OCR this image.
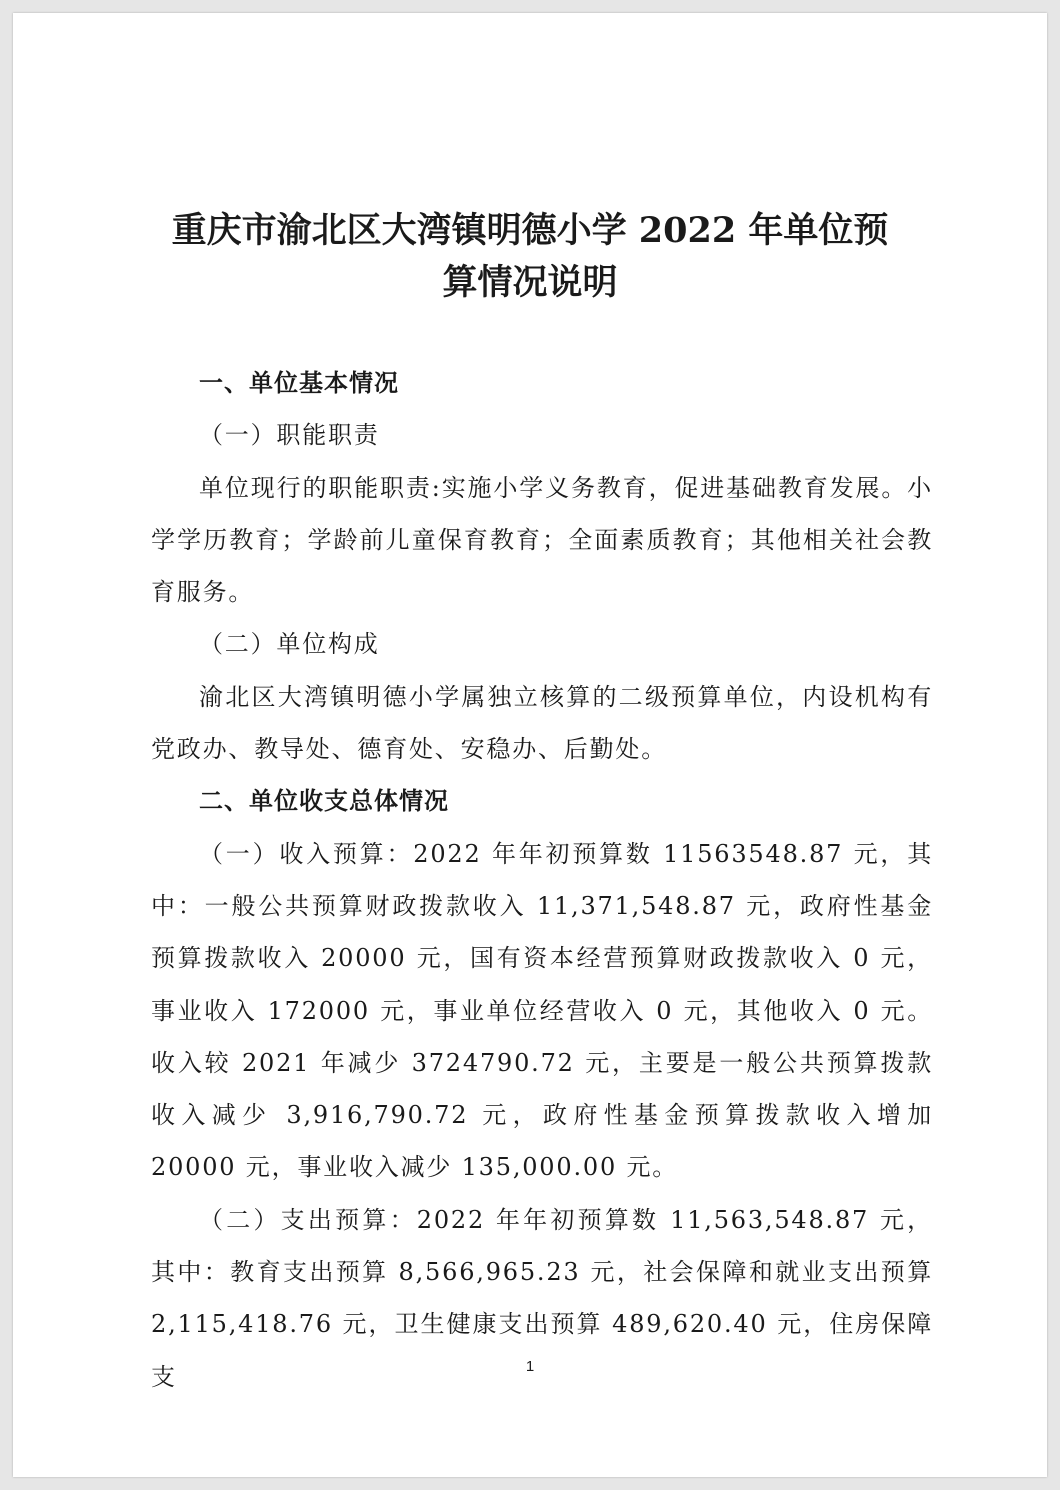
重庆市渝北区大湾镇明德小学 2022 年单位预
算情况说明

一、单位基本情况

（一）职能职责

单位现行的职能职责:实施小学义务教育，促进基础教育发展。小学学历教育；学龄前儿童保育教育；全面素质教育；其他相关社会教育服务。

（二）单位构成

渝北区大湾镇明德小学属独立核算的二级预算单位，内设机构有党政办、教导处、德育处、安稳办、后勤处。

二、单位收支总体情况

（一）收入预算：2022 年年初预算数 11563548.87 元，其中：一般公共预算财政拨款收入 11,371,548.87 元，政府性基金预算拨款收入 20000 元，国有资本经营预算财政拨款收入 0 元，事业收入 172000 元，事业单位经营收入 0 元，其他收入 0 元。收入较 2021 年减少 3724790.72 元，主要是一般公共预算拨款收入减少 3,916,790.72 元，政府性基金预算拨款收入增加 20000 元，事业收入减少 135,000.00 元。

（二）支出预算：2022 年年初预算数 11,563,548.87 元，其中：教育支出预算 8,566,965.23 元，社会保障和就业支出预算 2,115,418.76 元，卫生健康支出预算 489,620.40 元，住房保障支	1
